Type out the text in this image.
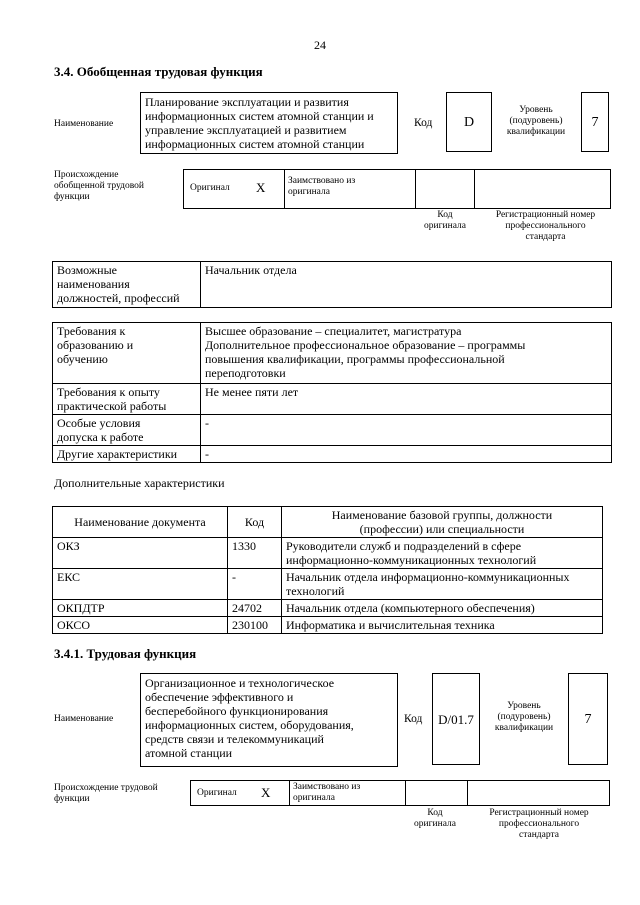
24
3.4. Обобщенная трудовая функция
Наименование
Планирование эксплуатации и развития
информационных систем атомной станции и
управление эксплуатацией и развитием
информационных систем атомной станции
Код	D
Уровень
(подуровень)
квалификации
7
Происхождение
обобщенной трудовой
функции
Оригинал X Заимствовано из
оригинала
Код
оригинала
Регистрационный номер
профессионального
стандарта
Возможные
наименования
должностей, профессий	Начальник отдела
Требования к
образованию и
обучению	Высшее образование – специалитет, магистратура
Дополнительное профессиональное образование – программы
повышения квалификации, программы профессиональной
переподготовки
Требования к опыту
практической работы	Не менее пяти лет
Особые условия
допуска к работе	-
Другие характеристики	-
Дополнительные характеристики
Наименование документа	Код	Наименование базовой группы, должности
(профессии) или специальности
ОКЗ	1330	Руководители служб и подразделений в сфере
информационно-коммуникационных технологий
ЕКС	-	Начальник отдела информационно-коммуникационных
технологий
ОКПДТР	24702	Начальник отдела (компьютерного обеспечения)
ОКСО	230100	Информатика и вычислительная техника
3.4.1. Трудовая функция
Наименование
Организационное и технологическое
обеспечение эффективного и
бесперебойного функционирования
информационных систем, оборудования,
средств связи и телекоммуникаций
атомной станции
Код	D/01.7
Уровень
(подуровень)
квалификации
7
Происхождение трудовой
функции
Оригинал X Заимствовано из
оригинала
Код
оригинала
Регистрационный номер
профессионального
стандарта
